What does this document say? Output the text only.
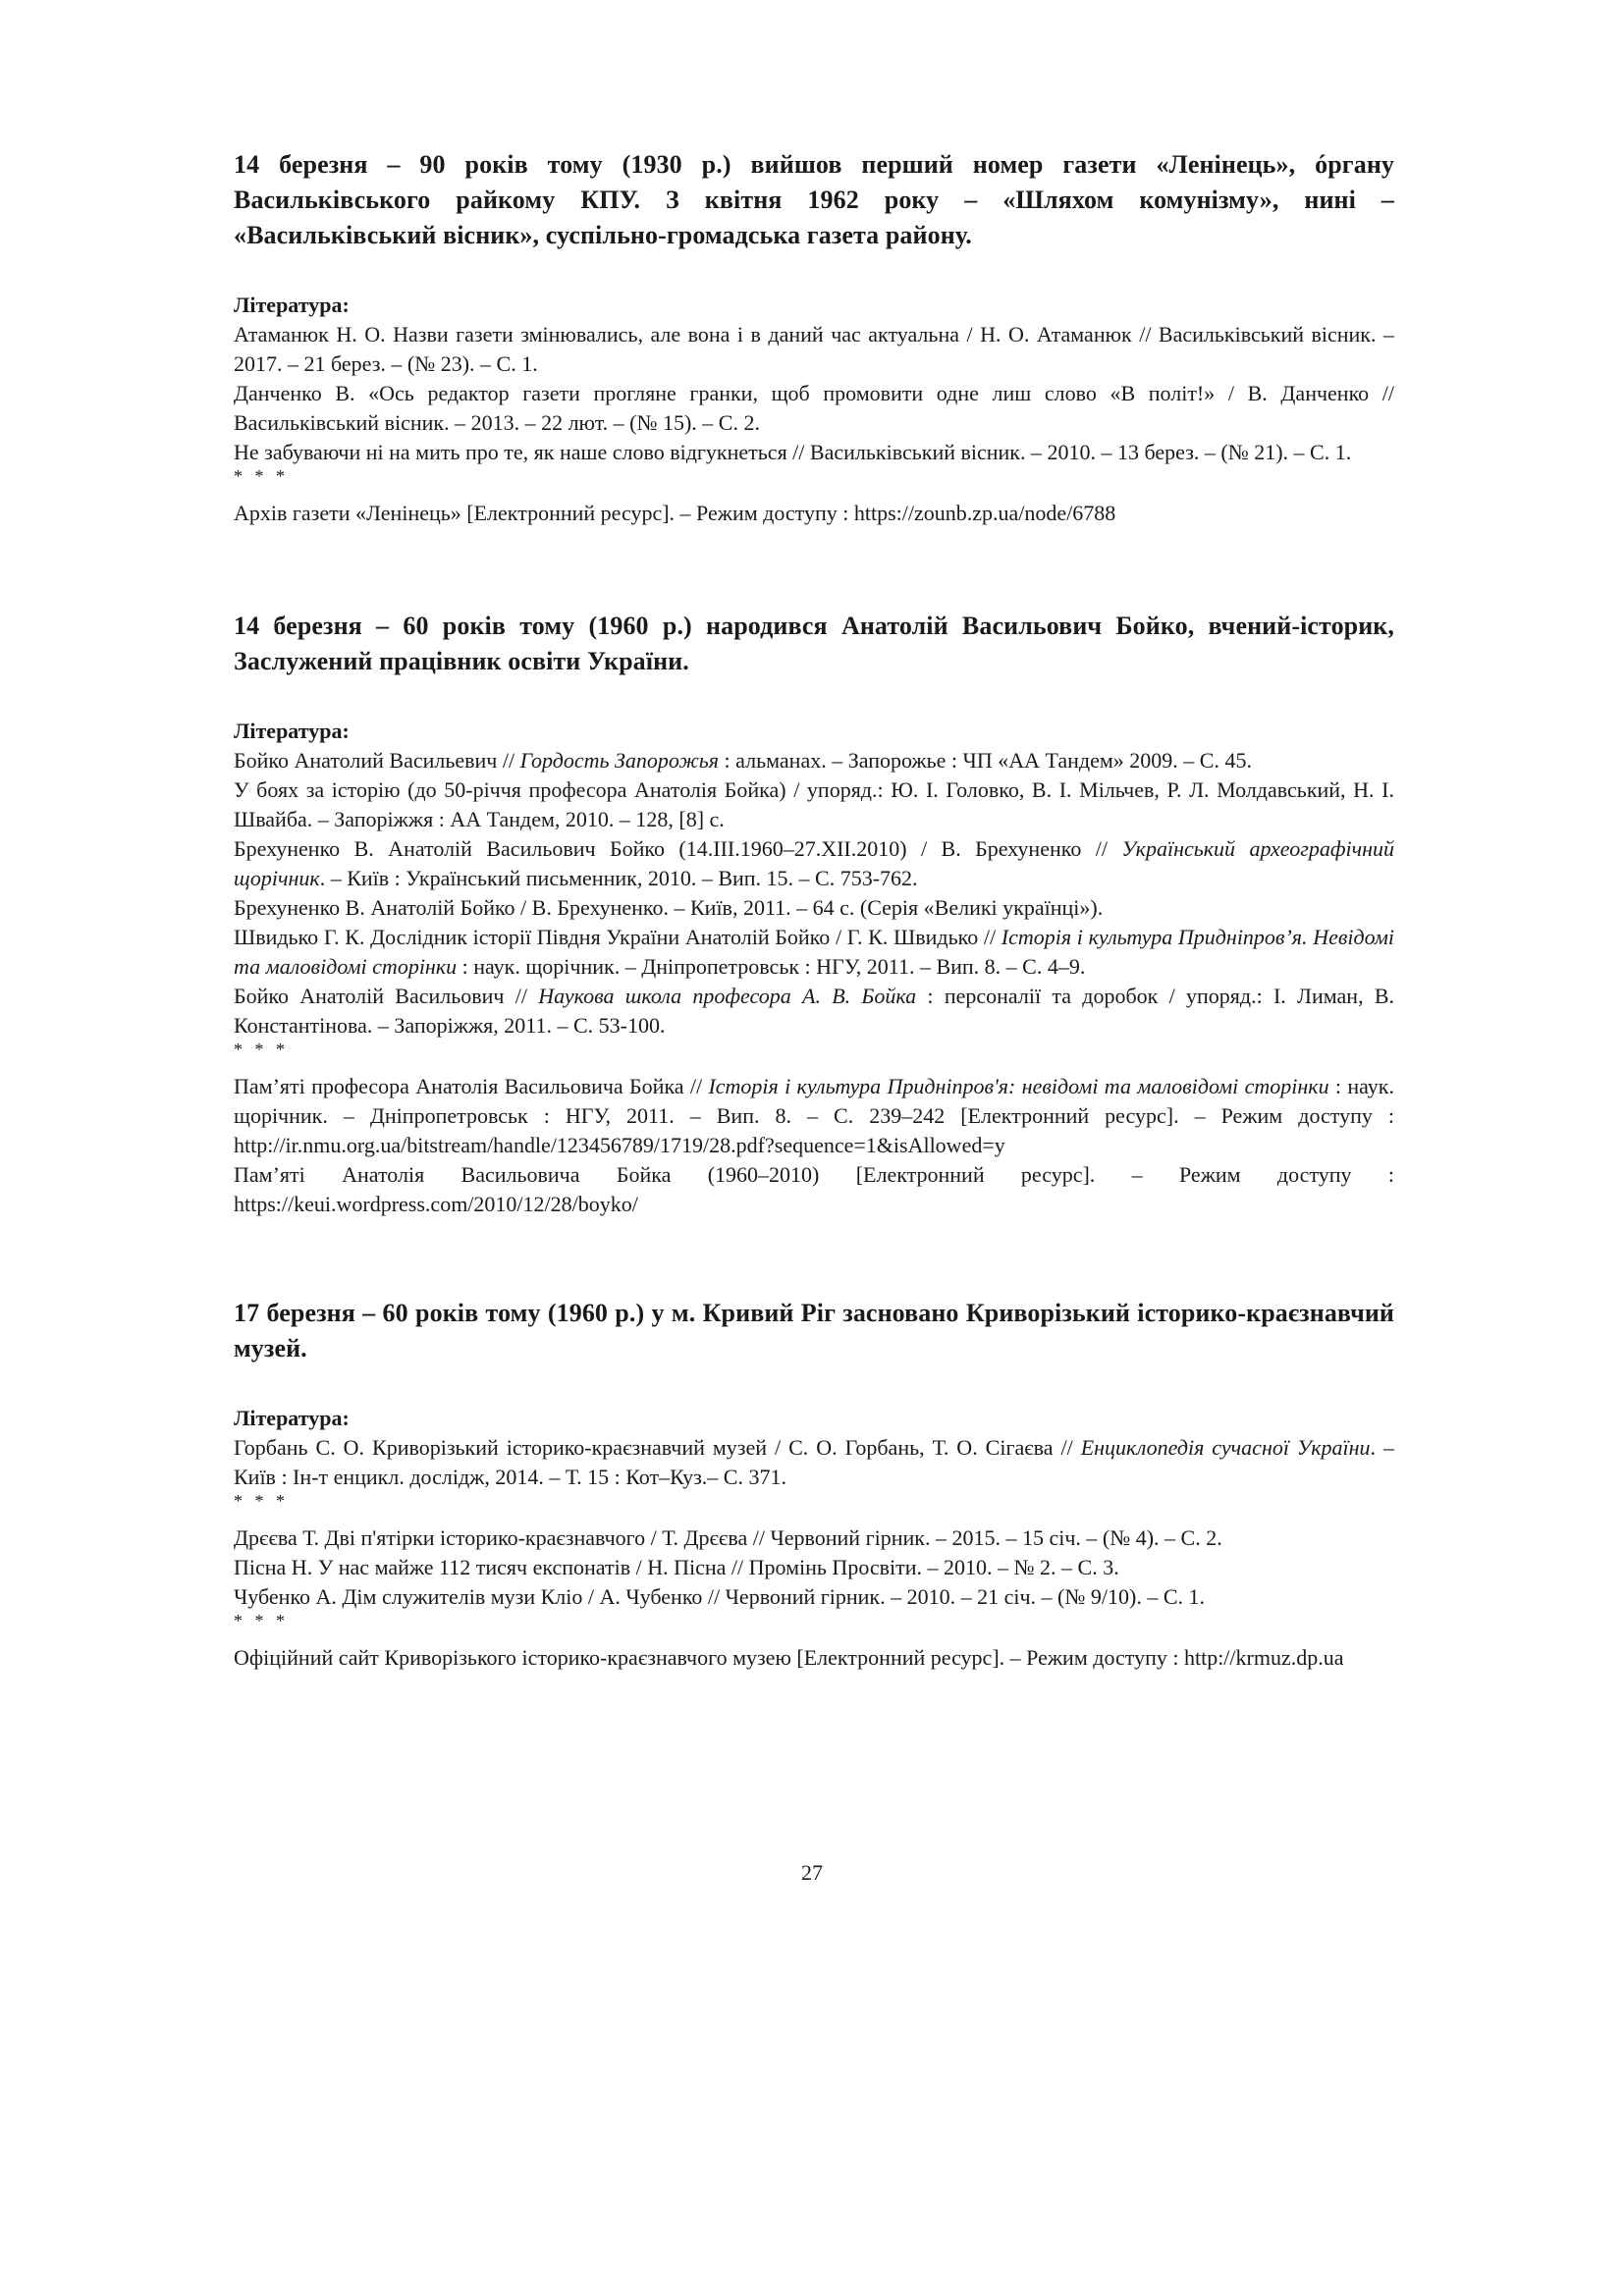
14 березня – 90 років тому (1930 р.) вийшов перший номер газети «Ленінець», óргану Васильківського райкому КПУ. З квітня 1962 року – «Шляхом комунізму», нині – «Васильківський вісник», суспільно-громадська газета району.

Література:

Атаманюк Н. О. Назви газети змінювались, але вона і в даний час актуальна / Н. О. Атаманюк // Васильківський вісник. – 2017. – 21 берез. – (№ 23). – С. 1.

Данченко В. «Ось редактор газети прогляне гранки, щоб промовити одне лиш слово «В політ!» / В. Данченко // Васильківський вісник. – 2013. – 22 лют. – (№ 15). – С. 2.

Не забуваючи ні на мить про те, як наше слово відгукнеться // Васильківський вісник. – 2010. – 13 берез. – (№ 21). – С. 1.

* * *

Архів газети «Ленінець» [Електронний ресурс]. – Режим доступу : https://zounb.zp.ua/node/6788

14 березня – 60 років тому (1960 р.) народився Анатолій Васильович Бойко, вчений-історик, Заслужений працівник освіти України.

Література:

Бойко Анатолий Васильевич // Гордость Запорожья : альманах. – Запорожье : ЧП «АА Тандем» 2009. – С. 45.

У боях за історію (до 50-річчя професора Анатолія Бойка) / упоряд.: Ю. І. Головко, В. І. Мільчев, Р. Л. Молдавський, Н. І. Швайба. – Запоріжжя : АА Тандем, 2010. – 128, [8] с.

Брехуненко В. Анатолій Васильович Бойко (14.ІІІ.1960–27.ХІІ.2010) / В. Брехуненко // Український археографічний щорічник. – Київ : Український письменник, 2010. – Вип. 15. – С. 753-762.

Брехуненко В. Анатолій Бойко / В. Брехуненко. – Київ, 2011. – 64 с. (Серія «Великі українці»).

Швидько Г. К. Дослідник історії Півдня України Анатолій Бойко / Г. К. Швидько // Історія і культура Придніпров’я. Невідомі та маловідомі сторінки : наук. щорічник. – Дніпропетровськ : НГУ, 2011. – Вип. 8. – С. 4–9.

Бойко Анатолій Васильович // Наукова школа професора А. В. Бойка : персоналії та доробок / упоряд.: І. Лиман, В. Константінова. – Запоріжжя, 2011. – С. 53-100.

* * *

Пам’яті професора Анатолія Васильовича Бойка // Історія і культура Придніпров'я: невідомі та маловідомі сторінки : наук. щорічник. – Дніпропетровськ : НГУ, 2011. – Вип. 8. – С. 239–242 [Електронний ресурс]. – Режим доступу : http://ir.nmu.org.ua/bitstream/handle/123456789/1719/28.pdf?sequence=1&isAllowed=y

Пам’яті Анатолія Васильовича Бойка (1960–2010) [Електронний ресурс]. – Режим доступу : https://keui.wordpress.com/2010/12/28/boyko/

17 березня – 60 років тому (1960 р.) у м. Кривий Ріг засновано Криворізький історико-краєзнавчий музей.

Література:

Горбань С. О. Криворізький історико-краєзнавчий музей / С. О. Горбань, Т. О. Сігаєва // Енциклопедія сучасної України. – Київ : Ін-т енцикл. дослідж, 2014. – Т. 15 : Кот–Куз.– С. 371.

* * *

Дрєєва Т. Дві п'ятірки історико-краєзнавчого / Т. Дрєєва // Червоний гірник. – 2015. – 15 січ. – (№ 4). – С. 2.

Пісна Н. У нас майже 112 тисяч експонатів / Н. Пісна // Промінь Просвіти. – 2010. – № 2. – С. 3.

Чубенко А. Дім служителів музи Кліо / А. Чубенко // Червоний гірник. – 2010. – 21 січ. – (№ 9/10). – С. 1.

* * *

Офіційний сайт Криворізького історико-краєзнавчого музею [Електронний ресурс]. – Режим доступу : http://krmuz.dp.ua

27
